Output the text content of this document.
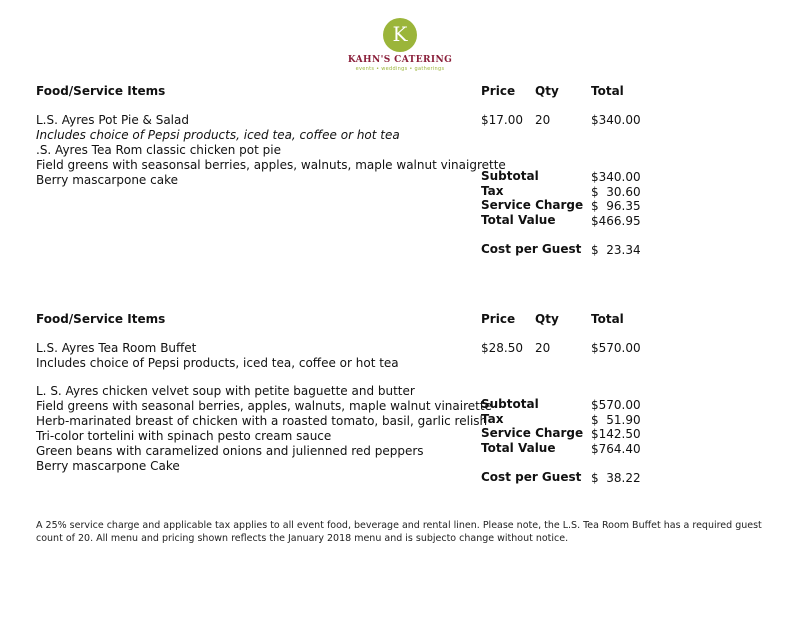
K
KAHN'S CATERING
events • weddings • gatherings
Food/Service Items	Price Qty	Total
L.S. Ayres Pot Pie & Salad	$17.00 20	$340.00
Includes choice of Pepsi products, iced tea, coffee or hot tea
.S. Ayres Tea Rom classic chicken pot pie
Field greens with seasonsal berries, apples, walnuts, maple walnut vinaigrette
Berry mascarpone cake	Subtotal	$340.00
Tax	$  30.60
Service Charge $  96.35
Total Value	$466.95
Cost per Guest $  23.34
Food/Service Items	Price Qty	Total
L.S. Ayres Tea Room Buffet	$28.50 20	$570.00
Includes choice of Pepsi products, iced tea, coffee or hot tea
L. S. Ayres chicken velvet soup with petite baguette and butter
Field greens with seasonal berries, apples, walnuts, maple walnut vinairette
Herb-marinated breast of chicken with a roasted tomato, basil, garlic relish
Tri-color tortelini with spinach pesto cream sauce
Green beans with caramelized onions and julienned red peppers
Berry mascarpone Cake
Subtotal	$570.00
Tax	$  51.90
Service Charge $142.50
Total Value	$764.40
Cost per Guest $  38.22
A 25% service charge and applicable tax applies to all event food, beverage and rental linen. Please note, the L.S. Tea Room Buffet has a required guest count of 20. All menu and pricing shown reflects the January 2018 menu and is subjecto change without notice.
